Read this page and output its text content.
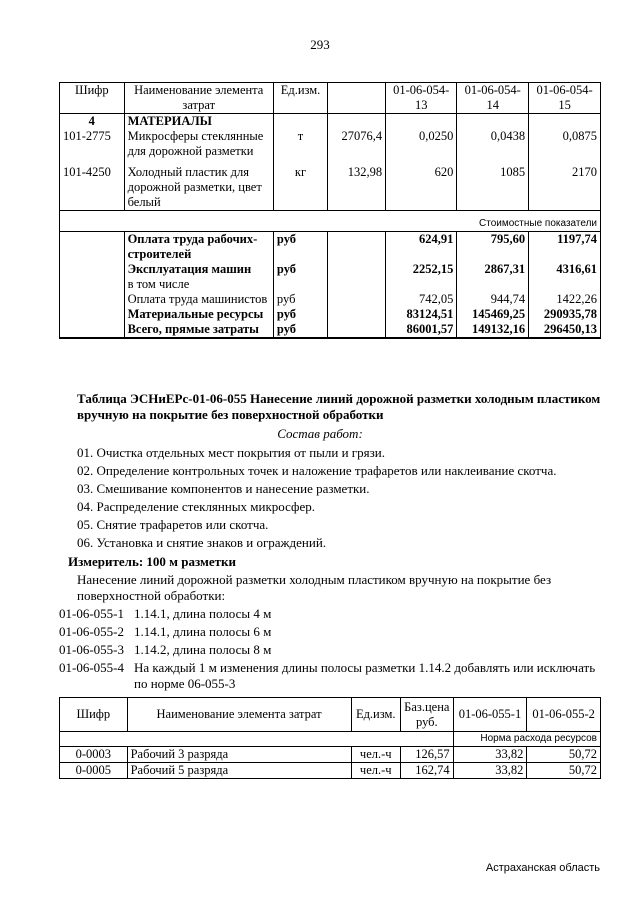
293
Шифр	Наименование элемента затрат	Ед.изм.		01-06-054-13	01-06-054-14	01-06-054-15
4	МАТЕРИАЛЫ					
101-2775	Микросферы стеклянные для дорожной разметки	т	27076,4	0,0250	0,0438	0,0875
101-4250	Холодный пластик для дорожной разметки, цвет белый	кг	132,98	620	1085	2170
Стоимостные показатели						
	Оплата труда рабочих-строителей	руб		624,91	795,60	1197,74
	Эксплуатация машин	руб		2252,15	2867,31	4316,61
	в том числе					
	Оплата труда машинистов	руб		742,05	944,74	1422,26
	Материальные ресурсы	руб		83124,51	145469,25	290935,78
	Всего, прямые затраты	руб		86001,57	149132,16	296450,13
Таблица ЭСНиЕРс-01-06-055 Нанесение линий дорожной разметки холодным пластиком вручную на покрытие без поверхностной обработки
Состав работ:
01. Очистка отдельных мест покрытия от пыли и грязи.
02. Определение контрольных точек и наложение трафаретов или наклеивание скотча.
03. Смешивание компонентов и нанесение разметки.
04. Распределение стеклянных микросфер.
05. Снятие трафаретов или скотча.
06. Установка и снятие знаков и ограждений.
Измеритель: 100 м разметки
Нанесение линий дорожной разметки холодным пластиком вручную на покрытие без поверхностной обработки:
01-06-055-1 1.14.1, длина полосы 4 м
01-06-055-2 1.14.1, длина полосы 6 м
01-06-055-3 1.14.2, длина полосы 8 м
01-06-055-4 На каждый 1 м изменения длины полосы разметки 1.14.2 добавлять или исключать по норме 06-055-3
Шифр	Наименование элемента затрат	Ед.изм.	Баз.цена руб.	01-06-055-1	01-06-055-2
				Норма расхода ресурсов	
0-0003	Рабочий 3 разряда	чел.-ч	126,57	33,82	50,72
0-0005	Рабочий 5 разряда	чел.-ч	162,74	33,82	50,72
Астраханская область
